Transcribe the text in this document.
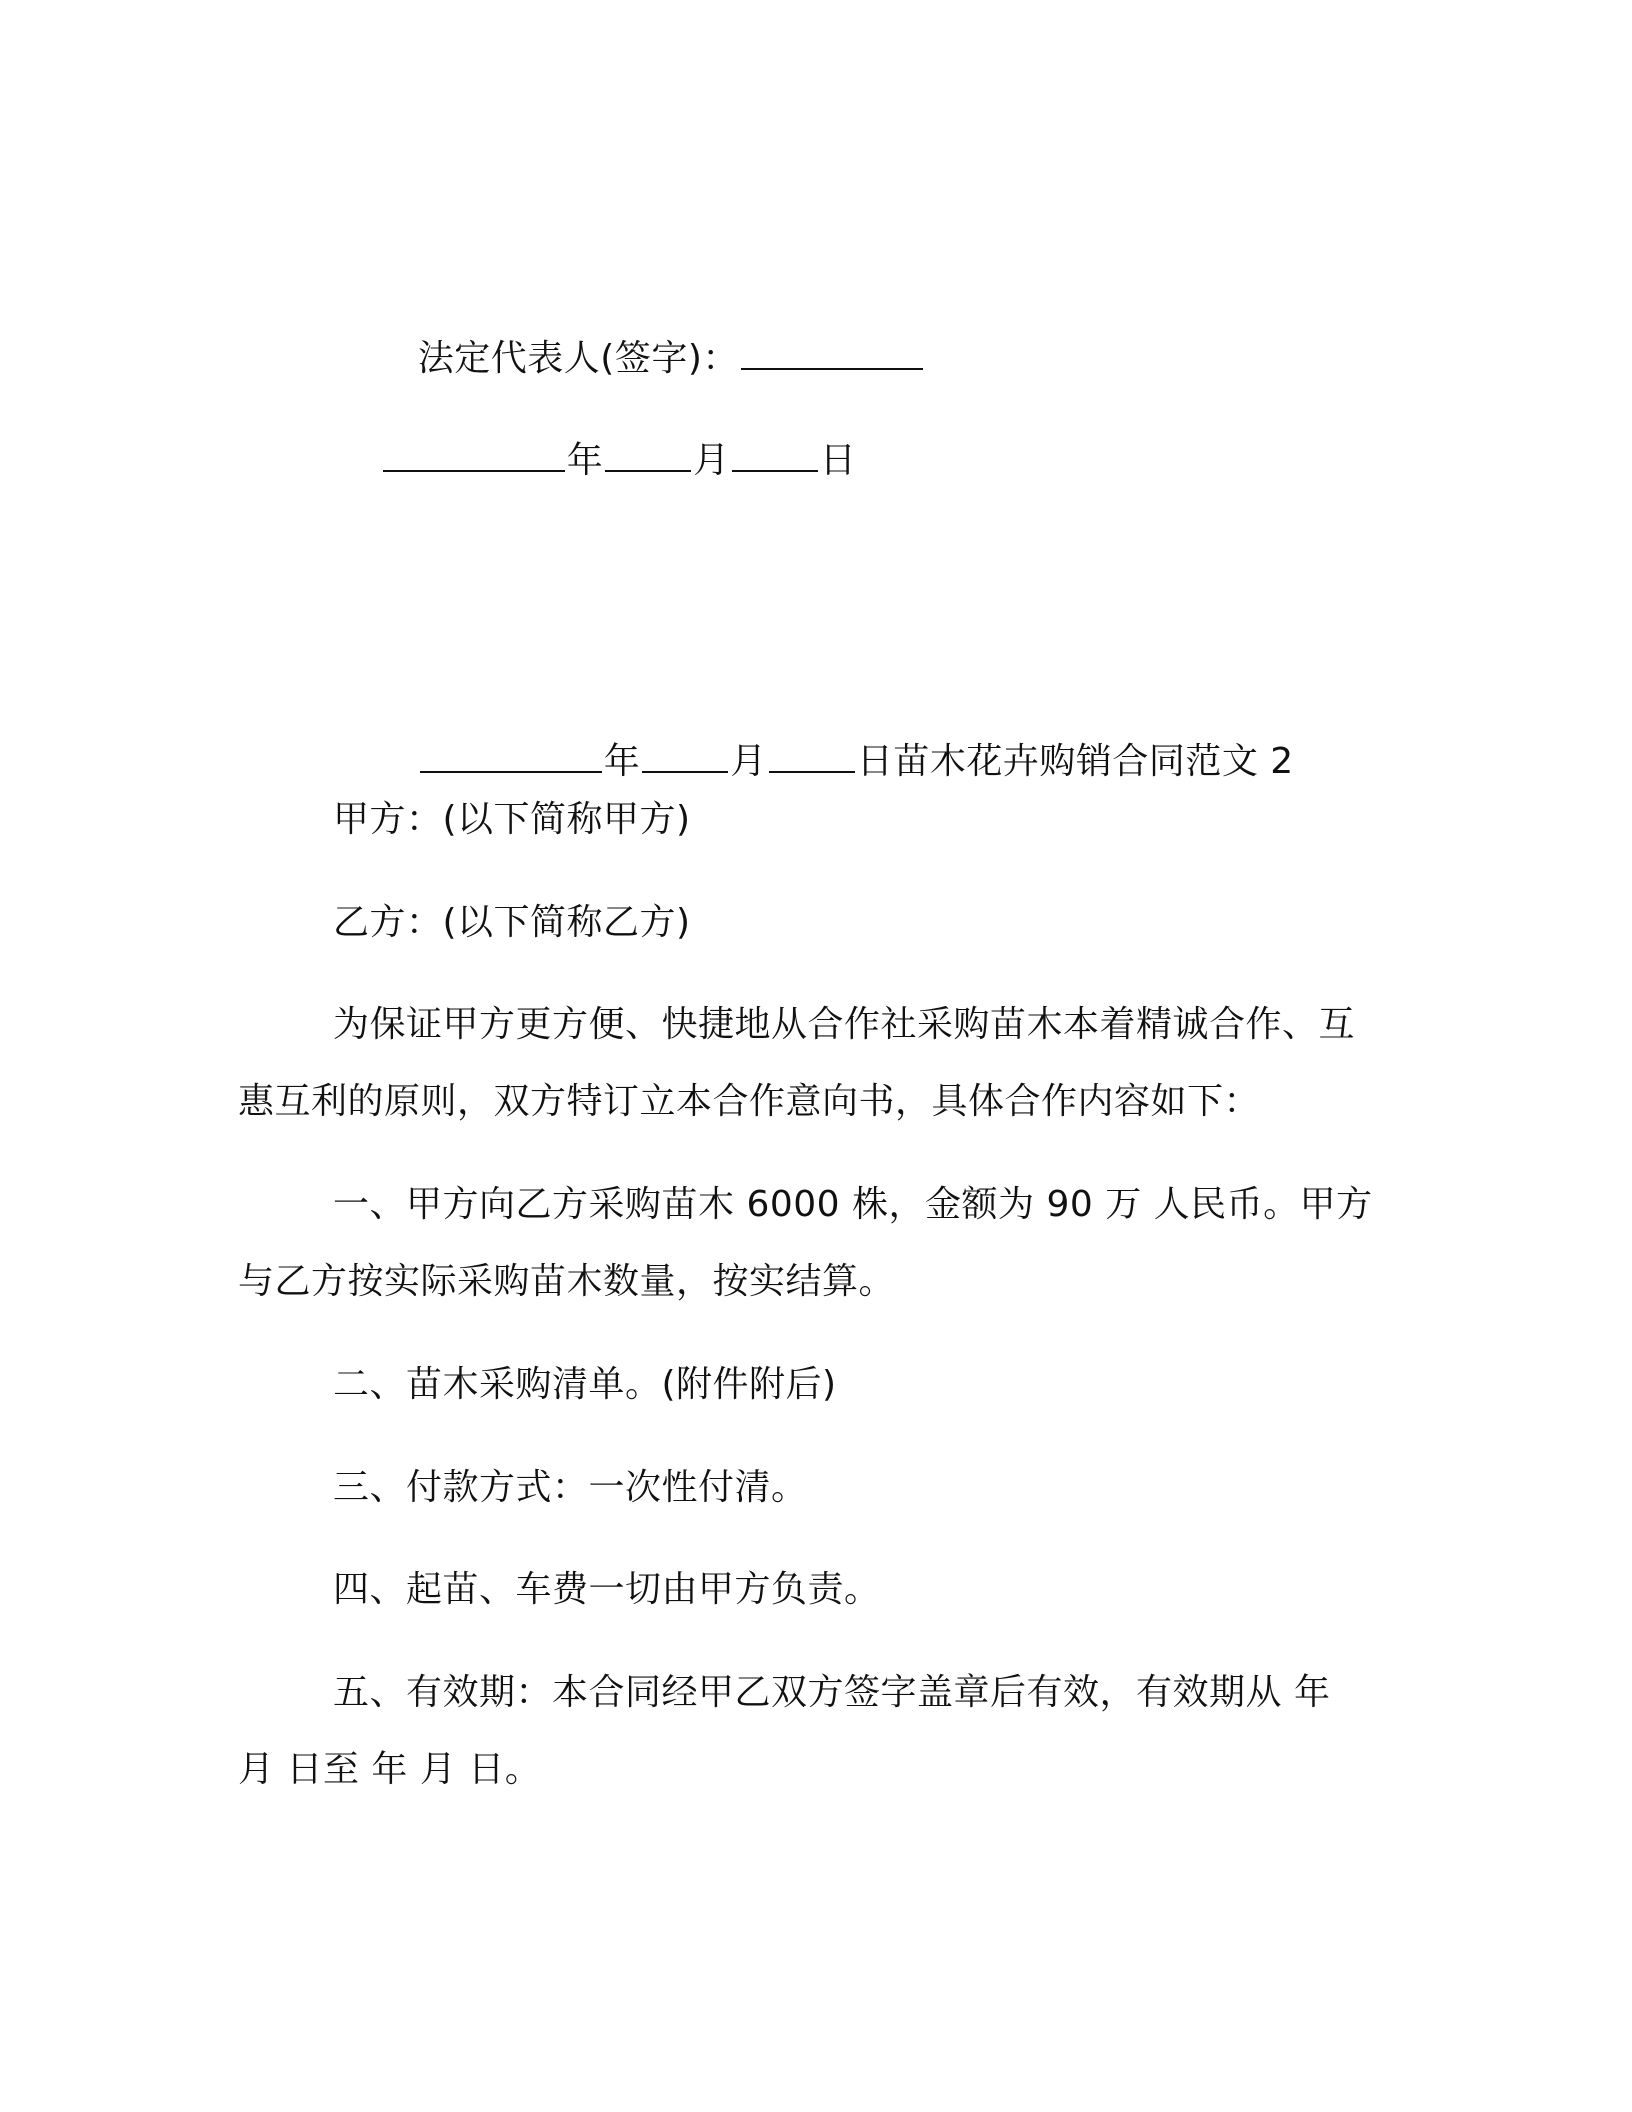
法定代表人(签字)：

年	月	日

年	月	日苗木花卉购销合同范文 2

甲方：(以下简称甲方)
乙方：(以下简称乙方)
为保证甲方更方便、快捷地从合作社采购苗木本着精诚合作、互
惠互利的原则，双方特订立本合作意向书，具体合作内容如下：
一、甲方向乙方采购苗木 6000 株，金额为 90 万 人民币。甲方
与乙方按实际采购苗木数量，按实结算。
二、苗木采购清单。(附件附后)
三、付款方式：一次性付清。
四、起苗、车费一切由甲方负责。
五、有效期：本合同经甲乙双方签字盖章后有效，有效期从 年
月 日至 年 月 日。
